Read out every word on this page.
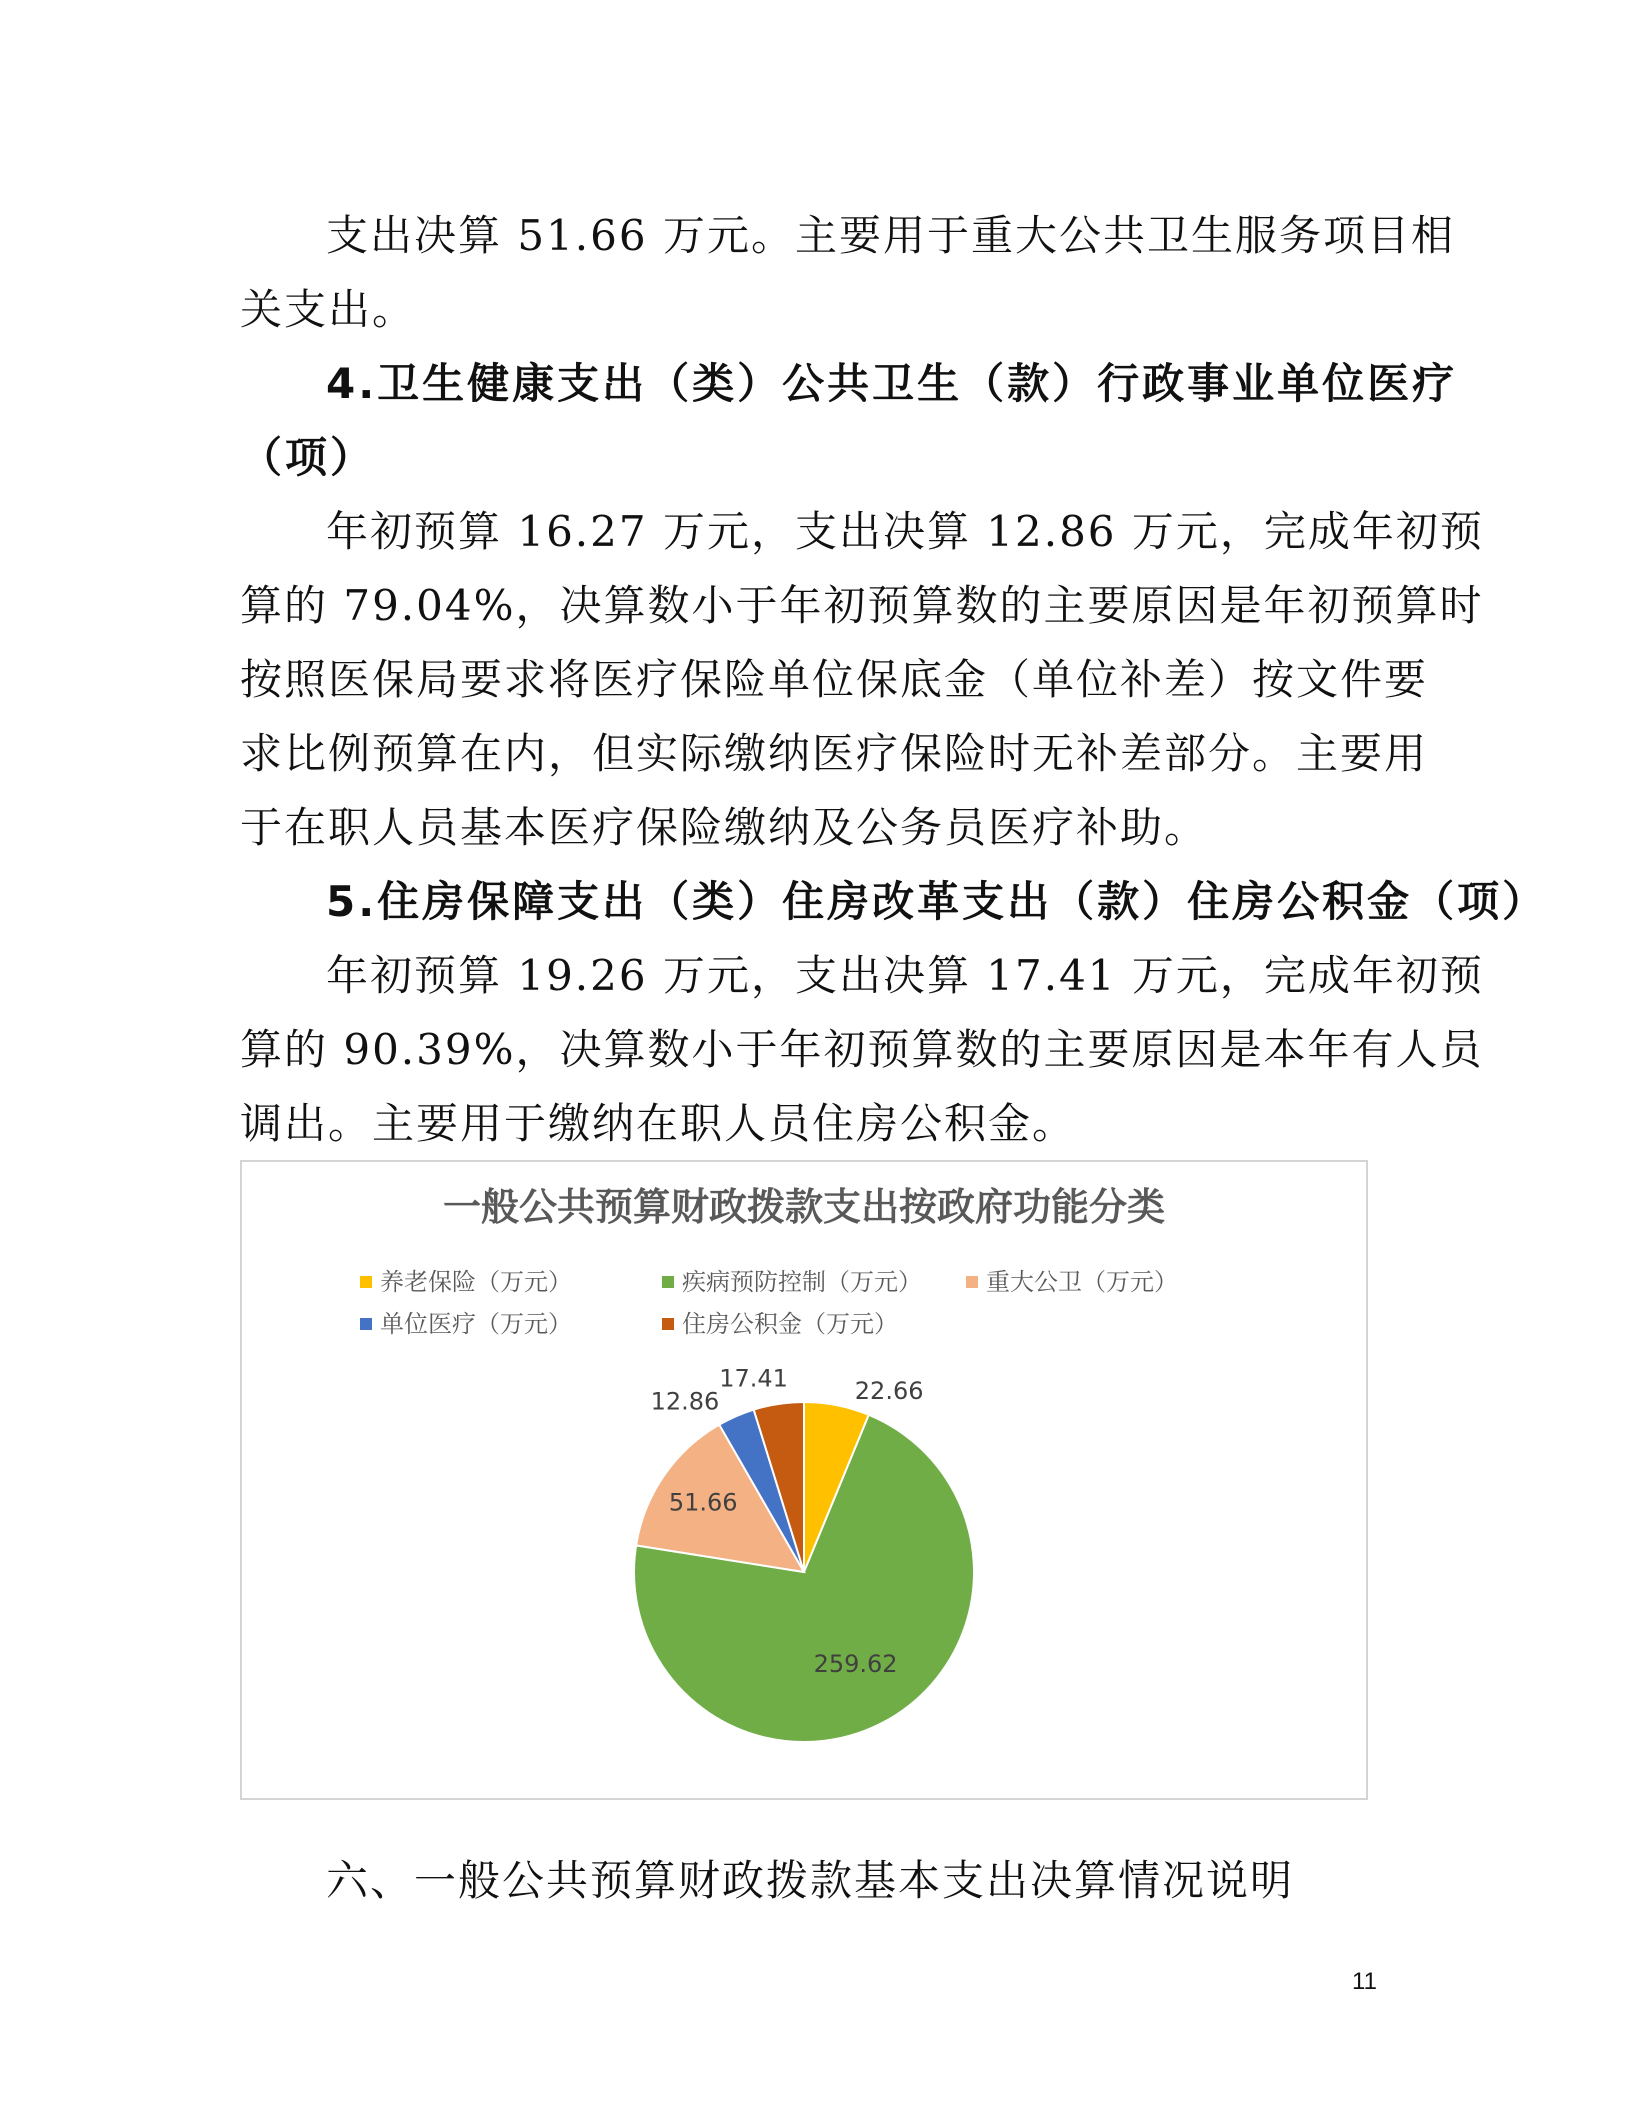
支出决算 51.66 万元。主要用于重大公共卫生服务项目相
关支出。
4.卫生健康支出（类）公共卫生（款）行政事业单位医疗
（项）
年初预算 16.27 万元，支出决算 12.86 万元，完成年初预
算的 79.04%，决算数小于年初预算数的主要原因是年初预算时
按照医保局要求将医疗保险单位保底金（单位补差）按文件要
求比例预算在内，但实际缴纳医疗保险时无补差部分。主要用
于在职人员基本医疗保险缴纳及公务员医疗补助。
5.住房保障支出（类）住房改革支出（款）住房公积金（项）
年初预算 19.26 万元，支出决算 17.41 万元，完成年初预
算的 90.39%，决算数小于年初预算数的主要原因是本年有人员
调出。主要用于缴纳在职人员住房公积金。
一般公共预算财政拨款支出按政府功能分类
养老保险（万元）	疾病预防控制（万元）	重大公卫（万元）
单位医疗（万元）	住房公积金（万元）
22.66
259.62
51.66
12.86
17.41
六、一般公共预算财政拨款基本支出决算情况说明
11
